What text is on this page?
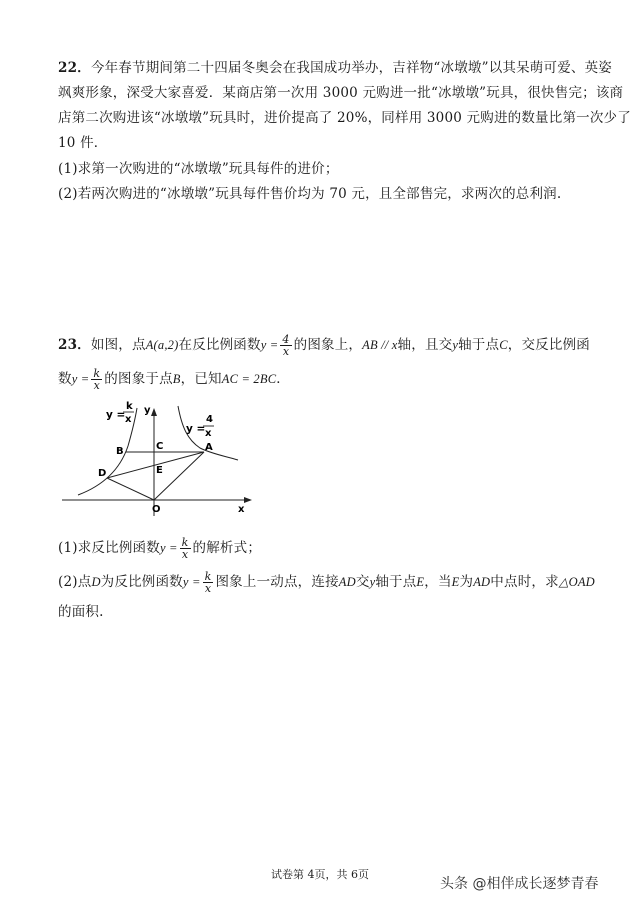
22．今年春节期间第二十四届冬奥会在我国成功举办，吉祥物“冰墩墩”以其呆萌可爱、英姿
飒爽形象，深受大家喜爱．某商店第一次用 3000 元购进一批“冰墩墩”玩具，很快售完；该商
店第二次购进该“冰墩墩”玩具时，进价提高了 20%，同样用 3000 元购进的数量比第一次少了
10 件．
(1)求第一次购进的“冰墩墩”玩具每件的进价；
(2)若两次购进的“冰墩墩”玩具每件售价均为 70 元，且全部售完，求两次的总利润.
23．如图，点A(a,2)在反比例函数$y = \frac{4}{x}$ 的图象上，AB // x轴，且交y轴于点C，交反比例函
数$y = \frac{k}{x}$ 的图象于点B，已知AC = 2BC．
y =
k
x
y
y =
4
x
B	C	A
D	E
O	x
(1)求反比例函数$y = \frac{k}{x}$ 的解析式；
(2)点D为反比例函数$y = \frac{k}{x}$ 图象上一动点，连接AD交y轴于点E，当E为AD中点时，求△OAD
的面积.
试卷第 4页，共 6页
头条 @相伴成长逐梦青春
